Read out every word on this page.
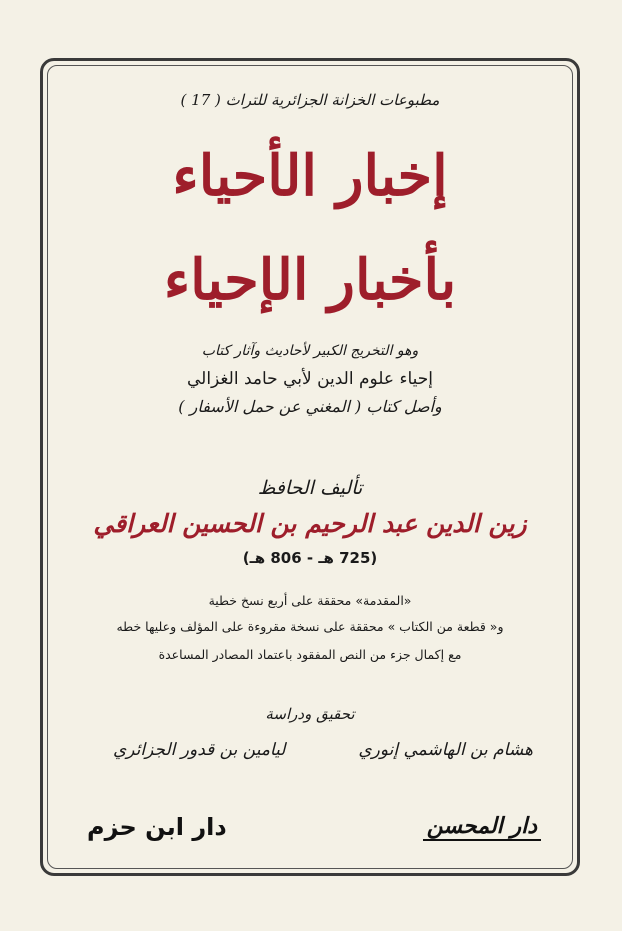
مطبوعات الخزانة الجزائرية للتراث ( 17 )
إخبار الأحياء
بأخبار الإحياء
وهو التخريج الكبير لأحاديث وآثار كتاب
إحياء علوم الدين لأبي حامد الغزالي
وأصل كتاب ( المغني عن حمل الأسفار )
تأليف الحافظ
زين الدين عبد الرحيم بن الحسين العراقي
(725 هـ - 806 هـ)
«المقدمة» محققة على أربع نسخ خطية
و« قطعة من الكتاب » محققة على نسخة مقروءة على المؤلف وعليها خطه
مع إكمال جزء من النص المفقود باعتماد المصادر المساعدة
تحقيق ودراسة
هشام بن الهاشمي إنوري
ليامين بن قدور الجزائري
دار المحسن
دار ابن حزم
